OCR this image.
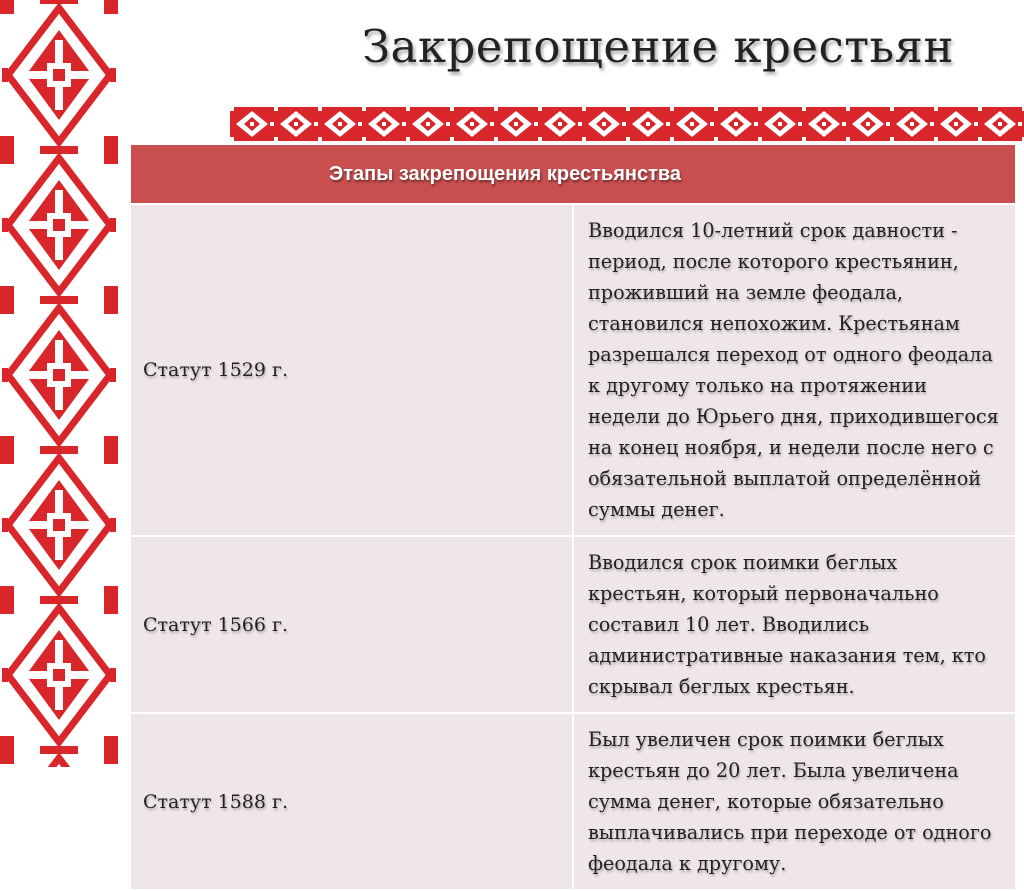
Закрепощение крестьян
Этапы закрепощения крестьянства	
Статут 1529 г.	Вводился 10-летний срок давности - период, после которого крестьянин, проживший на земле феодала, становился непохожим. Крестьянам разрешался переход от одного феодала к другому только на протяжении недели до Юрьего дня, приходившегося на конец ноября, и недели после него с обязательной выплатой определённой суммы денег.

Статут 1566 г.	Вводился срок поимки беглых крестьян, который первоначально составил 10 лет. Вводились административные наказания тем, кто скрывал беглых крестьян.

Статут 1588 г.	Был увеличен срок поимки беглых крестьян до 20 лет. Была увеличена сумма денег, которые обязательно выплачивались при переходе от одного феодала к другому.
